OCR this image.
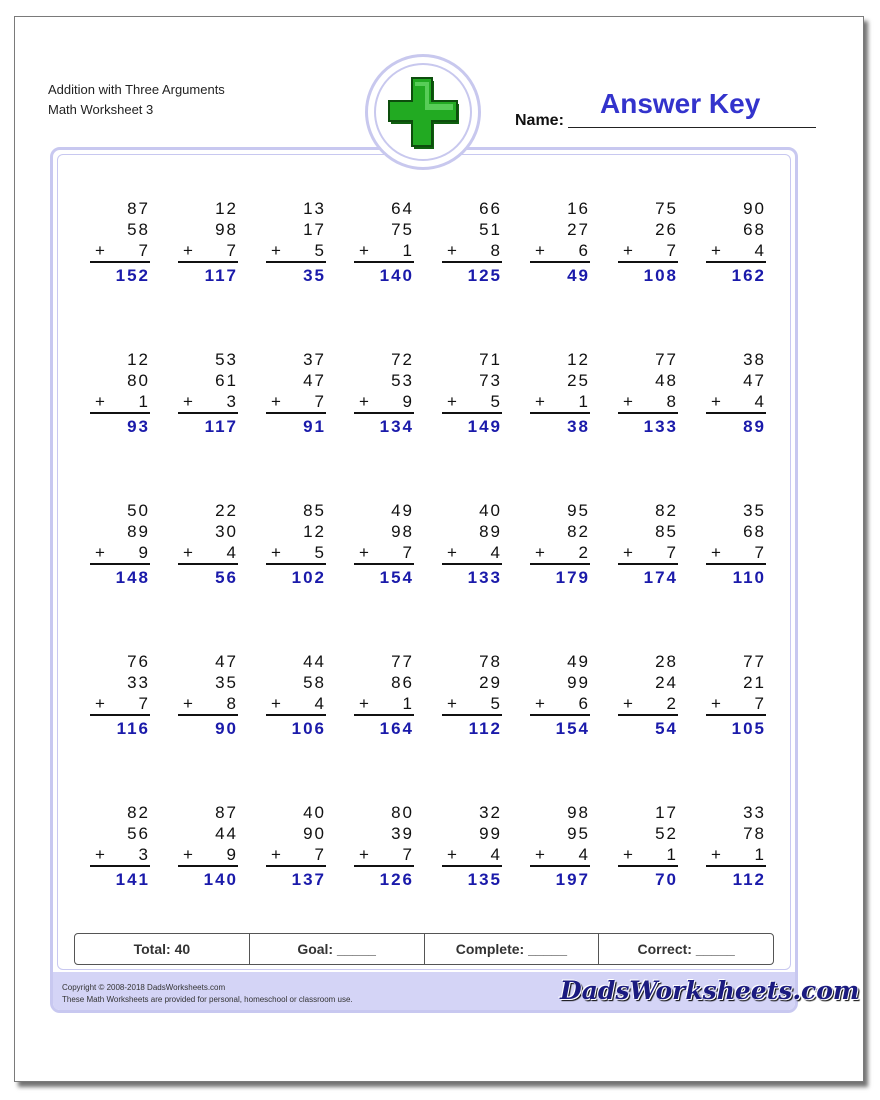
Addition with Three Arguments
Math Worksheet 3
Name:
Answer Key
87
58
+ 7
152
12
98
+ 7
117
13
17
+ 5
35
64
75
+ 1
140
66
51
+ 8
125
16
27
+ 6
49
75
26
+ 7
108
90
68
+ 4
162
12
80
+ 1
93
53
61
+ 3
117
37
47
+ 7
91
72
53
+ 9
134
71
73
+ 5
149
12
25
+ 1
38
77
48
+ 8
133
38
47
+ 4
89
50
89
+ 9
148
22
30
+ 4
56
85
12
+ 5
102
49
98
+ 7
154
40
89
+ 4
133
95
82
+ 2
179
82
85
+ 7
174
35
68
+ 7
110
76
33
+ 7
116
47
35
+ 8
90
44
58
+ 4
106
77
86
+ 1
164
78
29
+ 5
112
49
99
+ 6
154
28
24
+ 2
54
77
21
+ 7
105
82
56
+ 3
141
87
44
+ 9
140
40
90
+ 7
137
80
39
+ 7
126
32
99
+ 4
135
98
95
+ 4
197
17
52
+ 1
70
33
78
+ 1
112
Total: 40	Goal: _____	Complete: _____	Correct: _____
Copyright © 2008-2018 DadsWorksheets.com
These Math Worksheets are provided for personal, homeschool or classroom use.	DadsWorksheets.com
